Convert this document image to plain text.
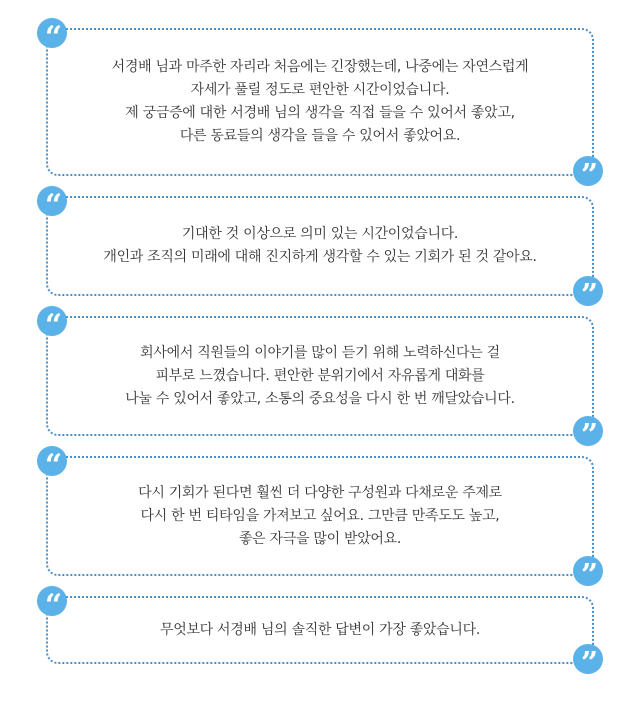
“

서경배 님과 마주한 자리라 처음에는 긴장했는데, 나중에는 자연스럽게
자세가 풀릴 정도로 편안한 시간이었습니다.
제 궁금증에 대한 서경배 님의 생각을 직접 들을 수 있어서 좋았고,
다른 동료들의 생각을 들을 수 있어서 좋았어요.

”
“

기대한 것 이상으로 의미 있는 시간이었습니다.
개인과 조직의 미래에 대해 진지하게 생각할 수 있는 기회가 된 것 같아요.

”
“

회사에서 직원들의 이야기를 많이 듣기 위해 노력하신다는 걸
피부로 느꼈습니다. 편안한 분위기에서 자유롭게 대화를
나눌 수 있어서 좋았고, 소통의 중요성을 다시 한 번 깨달았습니다.

”
“

다시 기회가 된다면 훨씬 더 다양한 구성원과 다채로운 주제로
다시 한 번 티타임을 가져보고 싶어요. 그만큼 만족도도 높고,
좋은 자극을 많이 받았어요.

”
“

무엇보다 서경배 님의 솔직한 답변이 가장 좋았습니다.

”
